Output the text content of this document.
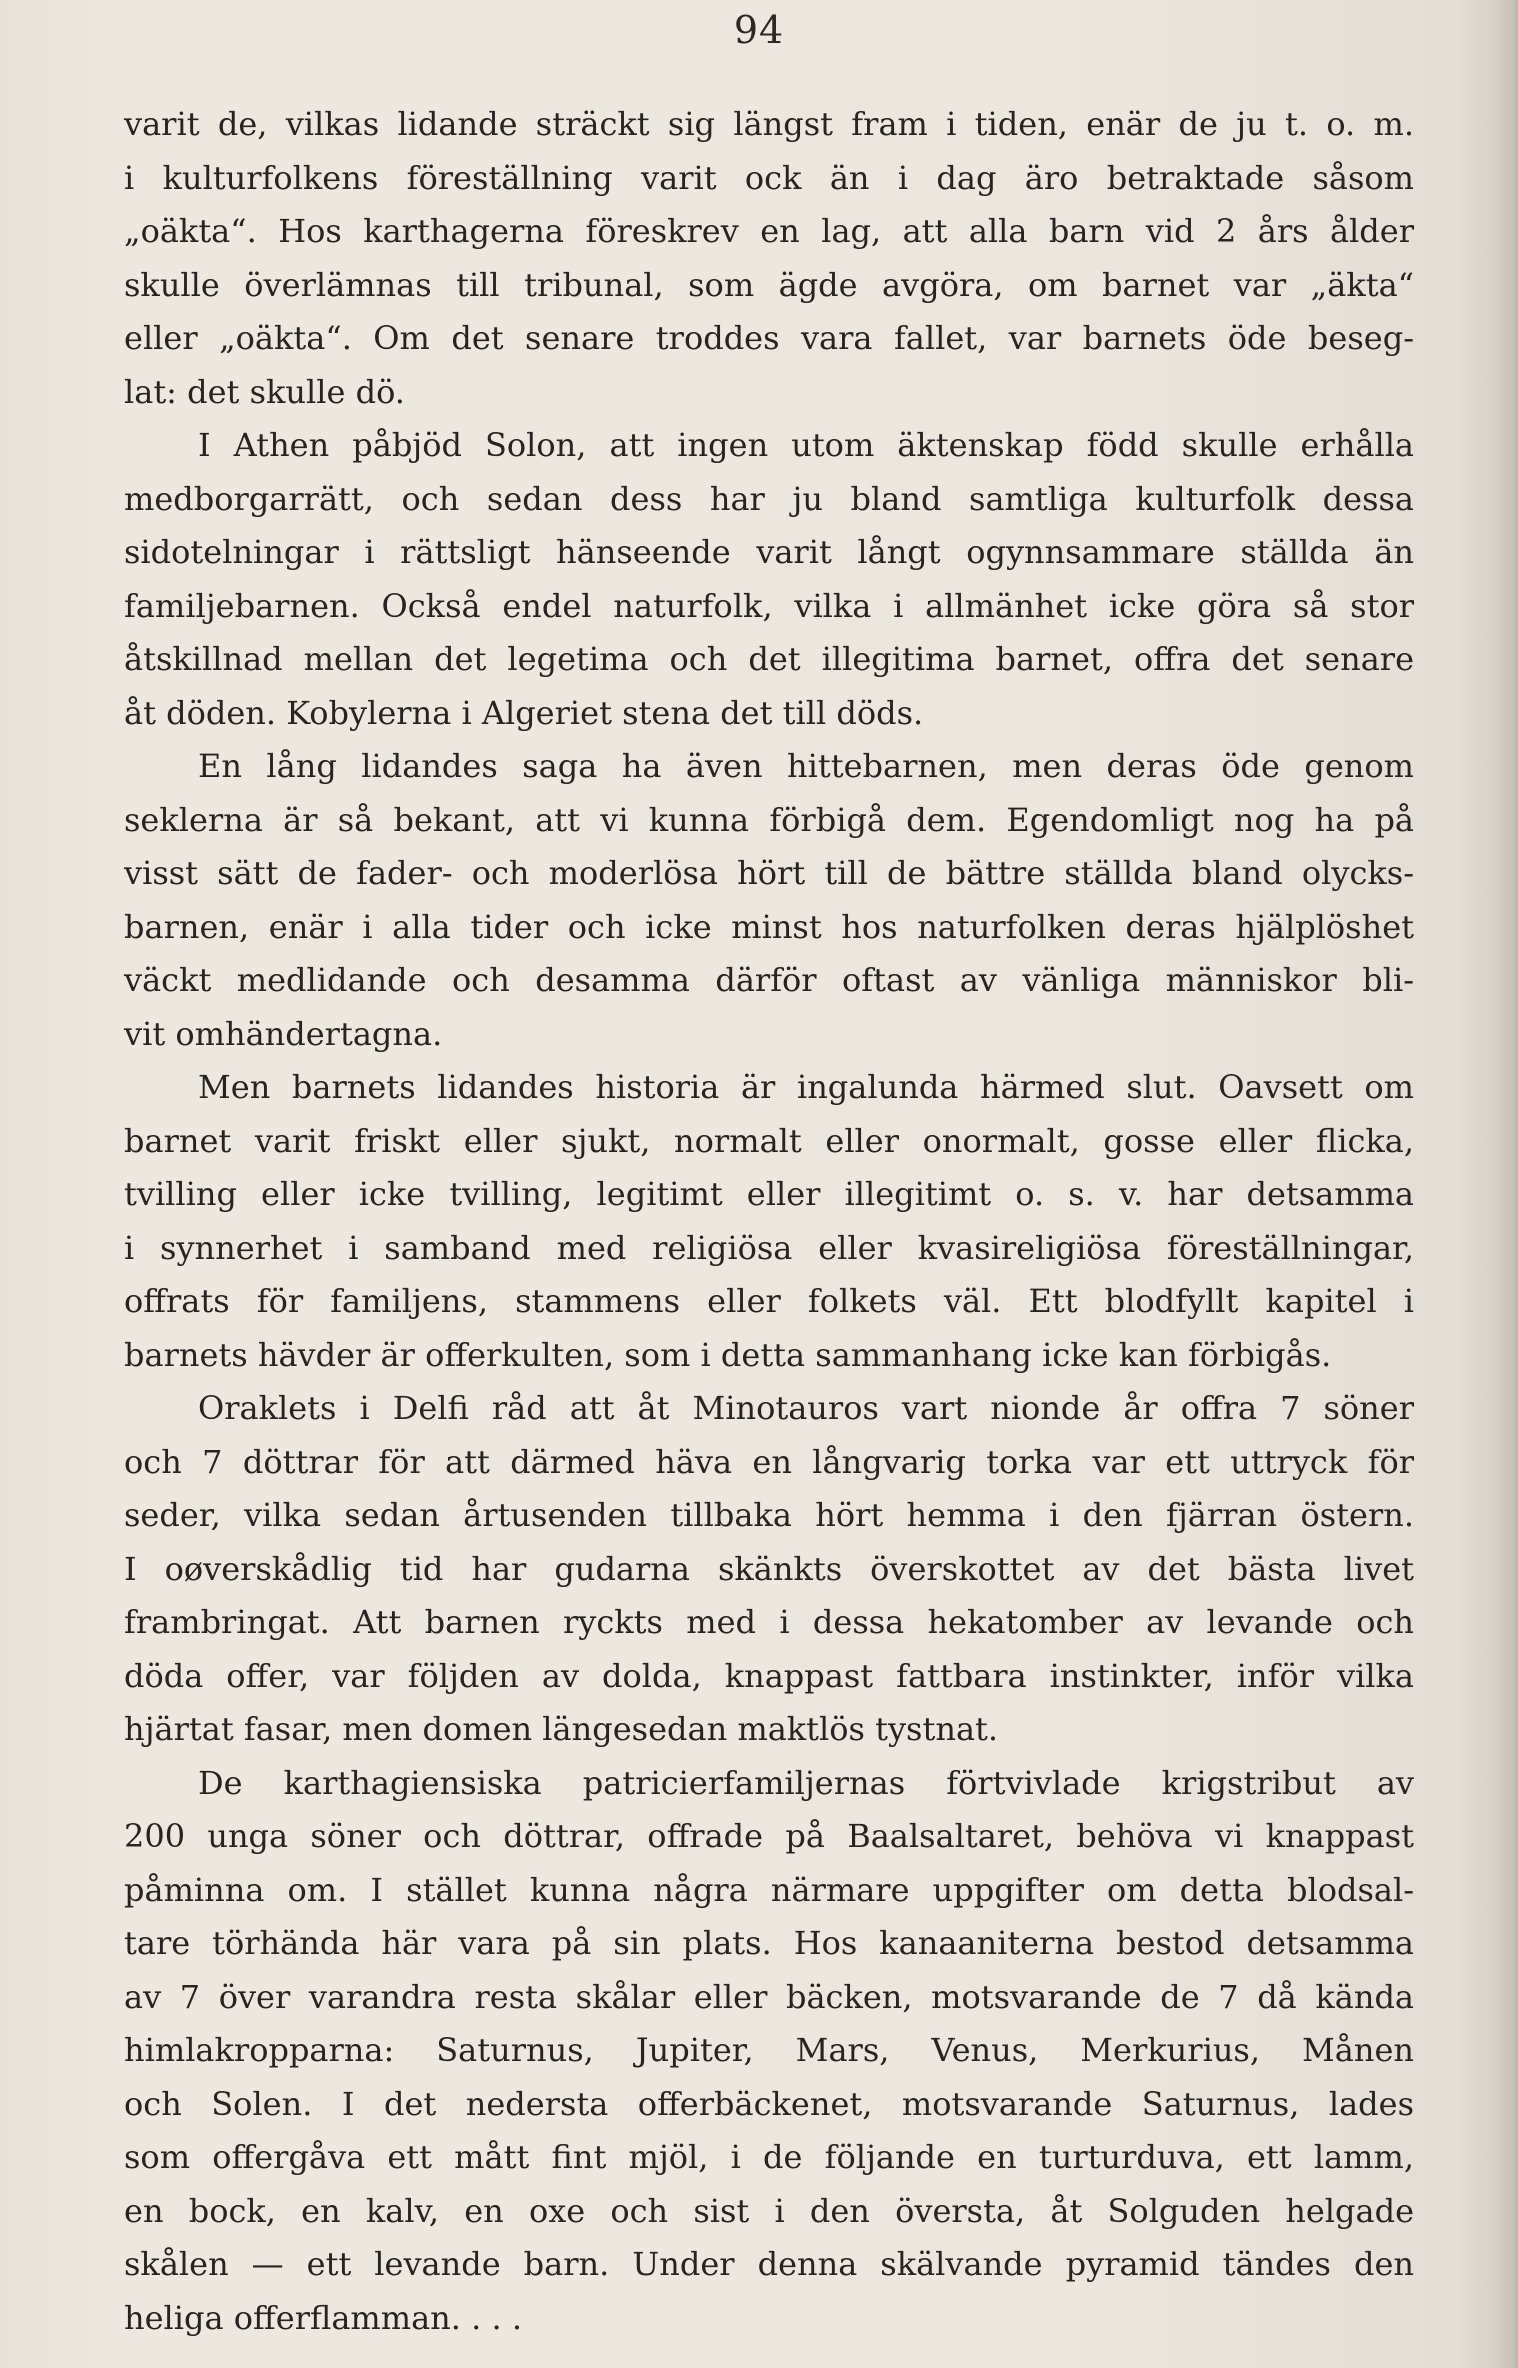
94
varit de, vilkas lidande sträckt sig längst fram i tiden, enär de ju t. o. m.
i kulturfolkens föreställning varit ock än i dag äro betraktade såsom
„oäkta“. Hos karthagerna föreskrev en lag, att alla barn vid 2 års ålder
skulle överlämnas till tribunal, som ägde avgöra, om barnet var „äkta“
eller „oäkta“. Om det senare troddes vara fallet, var barnets öde beseg-
lat: det skulle dö.
I Athen påbjöd Solon, att ingen utom äktenskap född skulle erhålla
medborgarrätt, och sedan dess har ju bland samtliga kulturfolk dessa
sidotelningar i rättsligt hänseende varit långt ogynnsammare ställda än
familjebarnen. Också endel naturfolk, vilka i allmänhet icke göra så stor
åtskillnad mellan det legetima och det illegitima barnet, offra det senare
åt döden. Kobylerna i Algeriet stena det till döds.
En lång lidandes saga ha även hittebarnen, men deras öde genom
seklerna är så bekant, att vi kunna förbigå dem. Egendomligt nog ha på
visst sätt de fader- och moderlösa hört till de bättre ställda bland olycks-
barnen, enär i alla tider och icke minst hos naturfolken deras hjälplöshet
väckt medlidande och desamma därför oftast av vänliga människor bli-
vit omhändertagna.
Men barnets lidandes historia är ingalunda härmed slut. Oavsett om
barnet varit friskt eller sjukt, normalt eller onormalt, gosse eller flicka,
tvilling eller icke tvilling, legitimt eller illegitimt o. s. v. har detsamma
i synnerhet i samband med religiösa eller kvasireligiösa föreställningar,
offrats för familjens, stammens eller folkets väl. Ett blodfyllt kapitel i
barnets hävder är offerkulten, som i detta sammanhang icke kan förbigås.
Oraklets i Delfi råd att åt Minotauros vart nionde år offra 7 söner
och 7 döttrar för att därmed häva en långvarig torka var ett uttryck för
seder, vilka sedan årtusenden tillbaka hört hemma i den fjärran östern.
I oøverskådlig tid har gudarna skänkts överskottet av det bästa livet
frambringat. Att barnen ryckts med i dessa hekatomber av levande och
döda offer, var följden av dolda, knappast fattbara instinkter, inför vilka
hjärtat fasar, men domen längesedan maktlös tystnat.
De karthagiensiska patricierfamiljernas förtvivlade krigstribut av
200 unga söner och döttrar, offrade på Baalsaltaret, behöva vi knappast
påminna om. I stället kunna några närmare uppgifter om detta blodsal-
tare törhända här vara på sin plats. Hos kanaaniterna bestod detsamma
av 7 över varandra resta skålar eller bäcken, motsvarande de 7 då kända
himlakropparna: Saturnus, Jupiter, Mars, Venus, Merkurius, Månen
och Solen. I det nedersta offerbäckenet, motsvarande Saturnus, lades
som offergåva ett mått fint mjöl, i de följande en turturduva, ett lamm,
en bock, en kalv, en oxe och sist i den översta, åt Solguden helgade
skålen — ett levande barn. Under denna skälvande pyramid tändes den
heliga offerflamman. . . .
